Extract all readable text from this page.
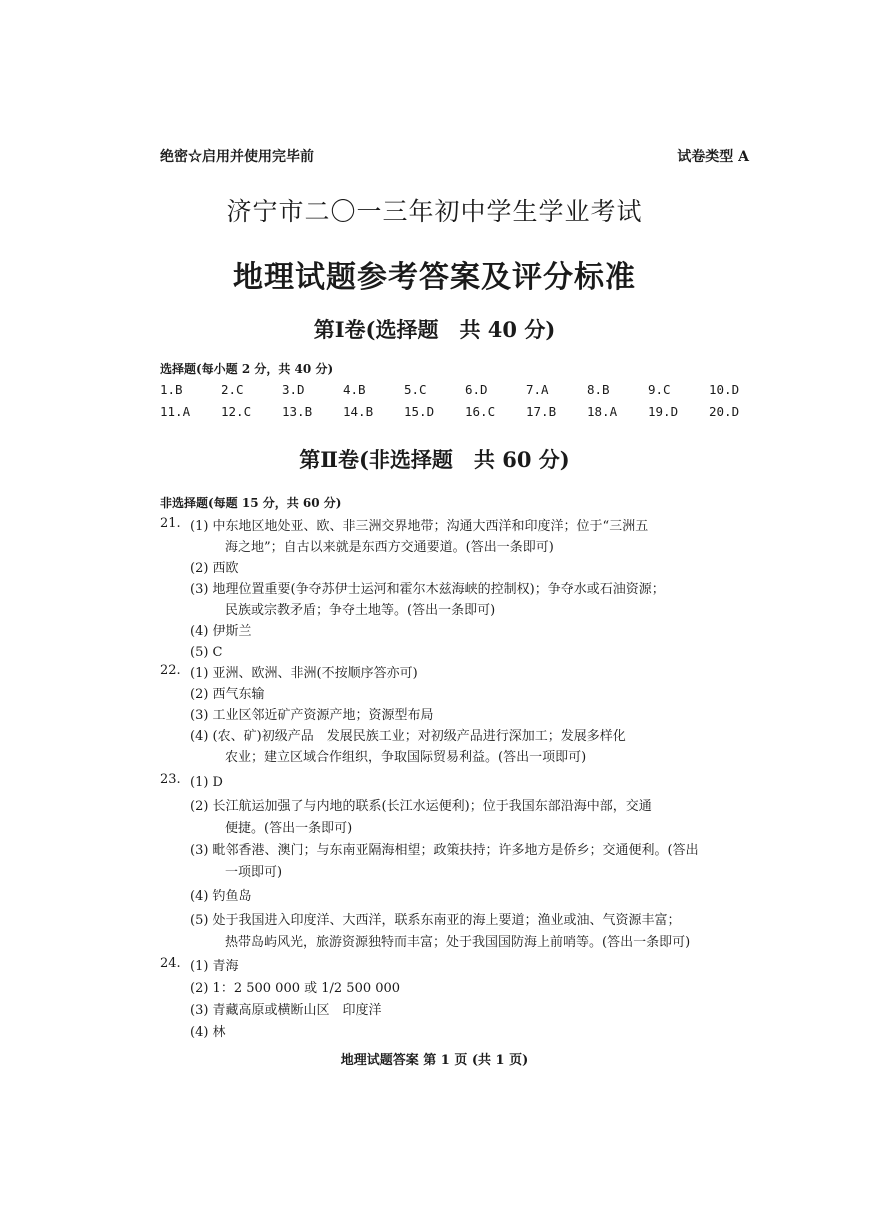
绝密☆启用并使用完毕前	试卷类型 A
济宁市二〇一三年初中学生学业考试
地理试题参考答案及评分标准
第Ⅰ卷(选择题　共 40 分)
选择题(每小题 2 分，共 40 分)
1.B	2.C	3.D	4.B	5.C	6.D	7.A	8.B	9.C	10.D
11.A	12.C	13.B	14.B	15.D	16.C	17.B	18.A	19.D	20.D
第Ⅱ卷(非选择题　共 60 分)
非选择题(每题 15 分，共 60 分)
21. (1) 中东地区地处亚、欧、非三洲交界地带；沟通大西洋和印度洋；位于“三洲五
海之地”；自古以来就是东西方交通要道。(答出一条即可)
(2) 西欧
(3) 地理位置重要(争夺苏伊士运河和霍尔木兹海峡的控制权)；争夺水或石油资源；
民族或宗教矛盾；争夺土地等。(答出一条即可)
(4) 伊斯兰
(5) C
22. (1) 亚洲、欧洲、非洲(不按顺序答亦可)
(2) 西气东输
(3) 工业区邻近矿产资源产地；资源型布局
(4) (农、矿)初级产品　发展民族工业；对初级产品进行深加工；发展多样化
农业；建立区域合作组织，争取国际贸易利益。(答出一项即可)
23. (1) D
(2) 长江航运加强了与内地的联系(长江水运便利)；位于我国东部沿海中部，交通
便捷。(答出一条即可)
(3) 毗邻香港、澳门；与东南亚隔海相望；政策扶持；许多地方是侨乡；交通便利。(答出
一项即可)
(4) 钓鱼岛
(5) 处于我国进入印度洋、大西洋，联系东南亚的海上要道；渔业或油、气资源丰富；
热带岛屿风光，旅游资源独特而丰富；处于我国国防海上前哨等。(答出一条即可)
24. (1) 青海
(2) 1：2 500 000 或 1/2 500 000
(3) 青藏高原或横断山区　印度洋
(4) 林
地理试题答案 第 1 页 (共 1 页)
